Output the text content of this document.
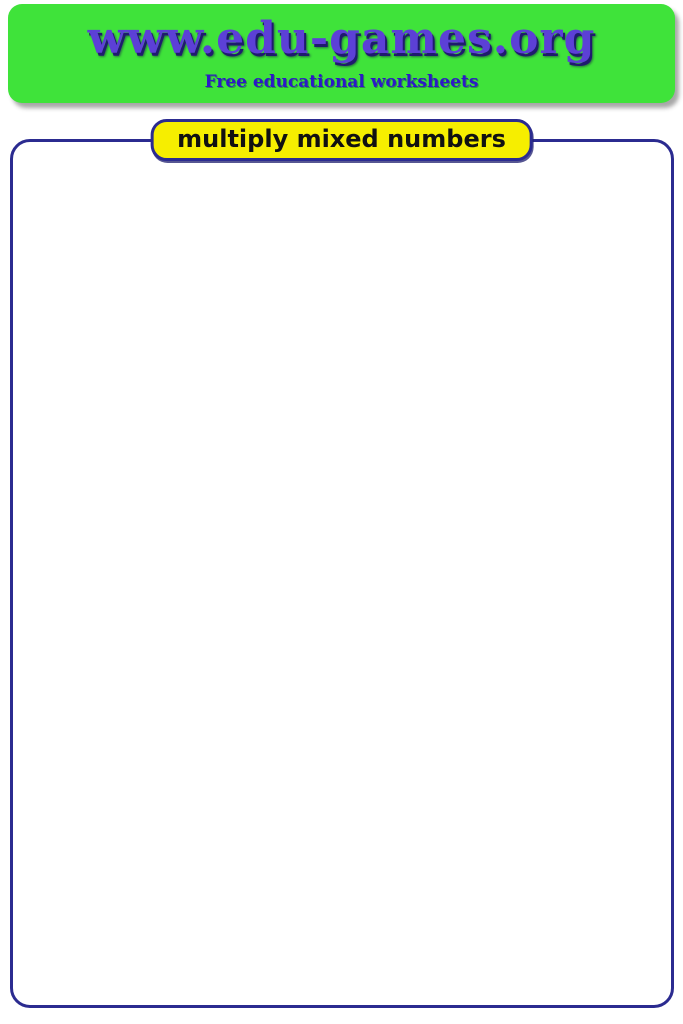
www.edu-games.org
Free educational worksheets
multiply mixed numbers
